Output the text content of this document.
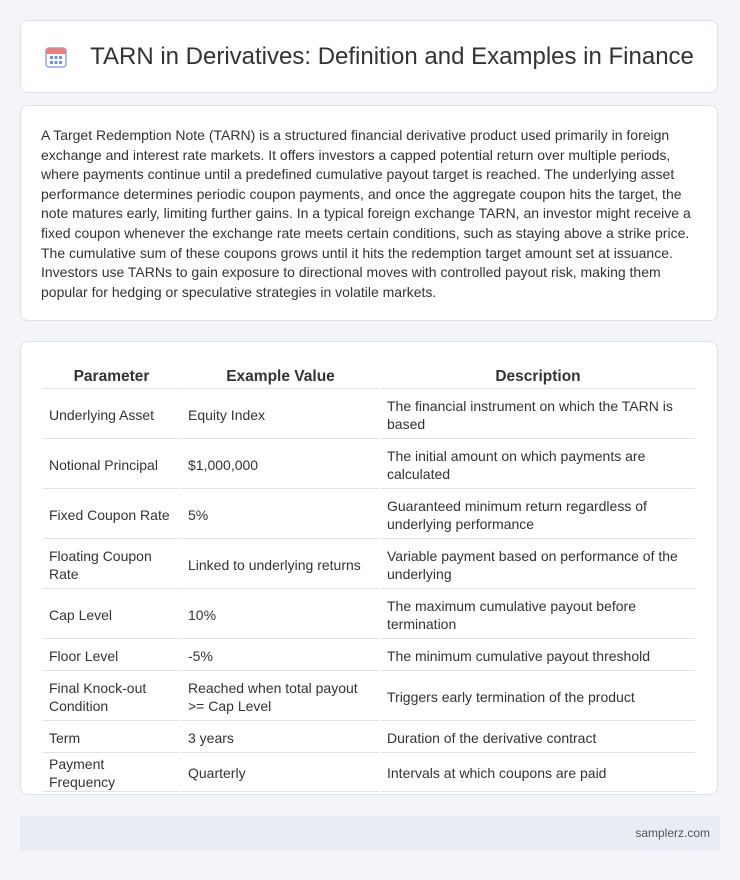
TARN in Derivatives: Definition and Examples in Finance

A Target Redemption Note (TARN) is a structured financial derivative product used primarily in foreign exchange and interest rate markets. It offers investors a capped potential return over multiple periods, where payments continue until a predefined cumulative payout target is reached. The underlying asset performance determines periodic coupon payments, and once the aggregate coupon hits the target, the note matures early, limiting further gains. In a typical foreign exchange TARN, an investor might receive a fixed coupon whenever the exchange rate meets certain conditions, such as staying above a strike price. The cumulative sum of these coupons grows until it hits the redemption target amount set at issuance. Investors use TARNs to gain exposure to directional moves with controlled payout risk, making them popular for hedging or speculative strategies in volatile markets.

Parameter	Example Value	Description
Underlying Asset	Equity Index	The financial instrument on which the TARN is based
Notional Principal	$1,000,000	The initial amount on which payments are calculated
Fixed Coupon Rate	5%	Guaranteed minimum return regardless of underlying performance
Floating Coupon Rate	Linked to underlying returns	Variable payment based on performance of the underlying
Cap Level	10%	The maximum cumulative payout before termination
Floor Level	-5%	The minimum cumulative payout threshold
Final Knock-out Condition	Reached when total payout >= Cap Level	Triggers early termination of the product
Term	3 years	Duration of the derivative contract
Payment Frequency	Quarterly	Intervals at which coupons are paid
samplerz.com
